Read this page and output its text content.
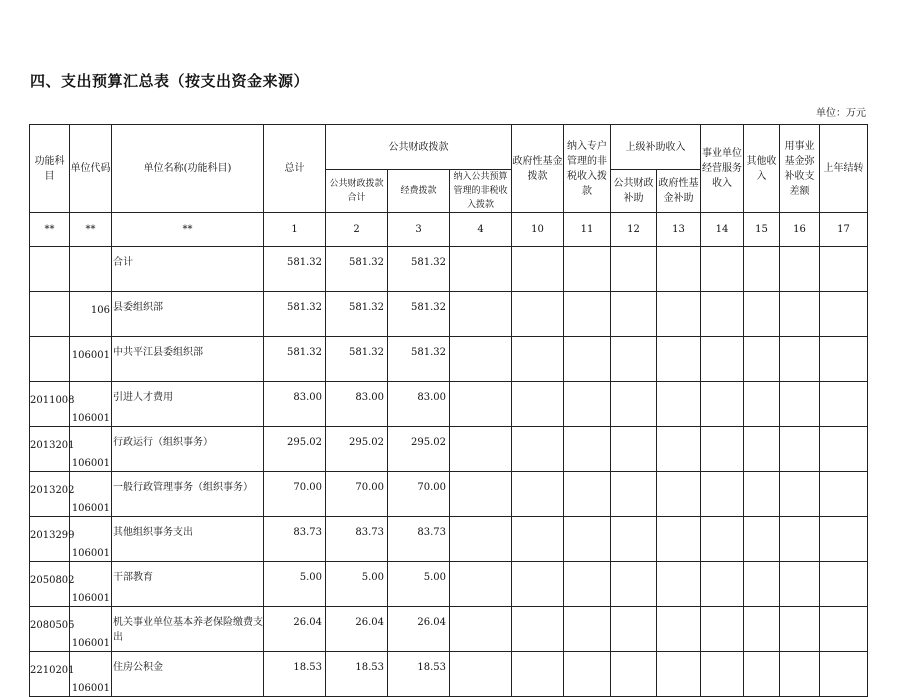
四、支出预算汇总表（按支出资金来源）
单位：万元
功能科目	单位代码	单位名称(功能科目)	总计	公共财政拨款			政府性基金拨款	纳入专户管理的非税收入拨款	上级补助收入		事业单位经营服务收入	其他收入	用事业基金弥补收支差额	上年结转
				公共财政拨款合计	经费拨款	纳入公共预算管理的非税收入拨款			公共财政补助	政府性基金补助				
**	**	**	1	2	3	4	10	11	12	13	14	15	16	17
		合计	581.32	581.32	581.32									
	106	县委组织部	581.32	581.32	581.32									
	106001	中共平江县委组织部	581.32	581.32	581.32									
2011008	106001	引进人才费用	83.00	83.00	83.00									
2013201	106001	行政运行（组织事务）	295.02	295.02	295.02									
2013202	106001	一般行政管理事务（组织事务）	70.00	70.00	70.00									
2013299	106001	其他组织事务支出	83.73	83.73	83.73									
2050802	106001	干部教育	5.00	5.00	5.00									
2080505	106001	机关事业单位基本养老保险缴费支出	26.04	26.04	26.04									
2210201	106001	住房公积金	18.53	18.53	18.53									
